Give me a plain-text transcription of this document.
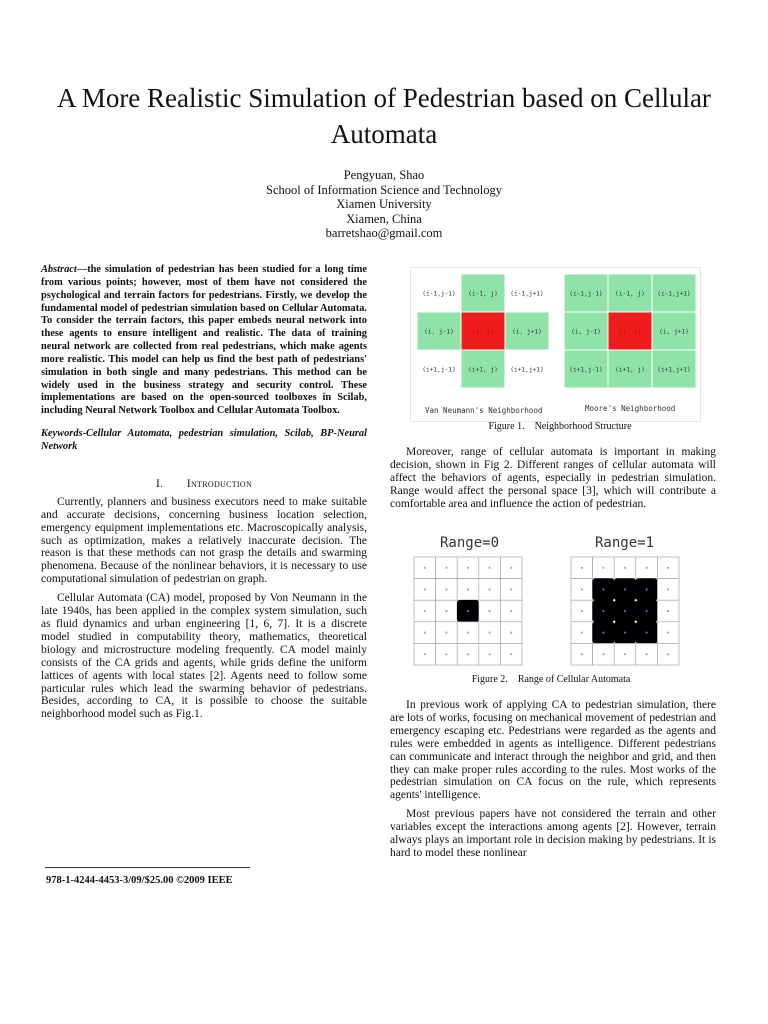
A More Realistic Simulation of Pedestrian based on Cellular Automata
Pengyuan, Shao
School of Information Science and Technology
Xiamen University
Xiamen, China
barretshao@gmail.com

Abstract—the simulation of pedestrian has been studied for a long time from various points; however, most of them have not considered the psychological and terrain factors for pedestrians. Firstly, we develop the fundamental model of pedestrian simulation based on Cellular Automata. To consider the terrain factors, this paper embeds neural network into these agents to ensure intelligent and realistic. The data of training neural network are collected from real pedestrians, which make agents more realistic. This model can help us find the best path of pedestrians' simulation in both single and many pedestrians. This method can be widely used in the business strategy and security control. These implementations are based on the open-sourced toolboxes in Scilab, including Neural Network Toolbox and Cellular Automata Toolbox.

Keywords-Cellular Automata, pedestrian simulation, Scilab, BP-Neural Network

I.  Introduction

Currently, planners and business executors need to make suitable and accurate decisions, concerning business location selection, emergency equipment implementations etc. Macroscopically analysis, such as optimization, makes a relatively inaccurate decision. The reason is that these methods can not grasp the details and swarming phenomena. Because of the nonlinear behaviors, it is necessary to use computational simulation of pedestrian on graph.

Cellular Automata (CA) model, proposed by Von Neumann in the late 1940s, has been applied in the complex system simulation, such as fluid dynamics and urban engineering [1, 6, 7]. It is a discrete model studied in computability theory, mathematics, theoretical biology and microstructure modeling frequently. CA model mainly consists of the CA grids and agents, while grids define the uniform lattices of agents with local states [2]. Agents need to follow some particular rules which lead the swarming behavior of pedestrians. Besides, according to CA, it is possible to choose the suitable neighborhood model such as Fig.1.

978-1-4244-4453-3/09/$25.00 ©2009 IEEE
(i-1,j-1) (i-1, j) (i-1,j+1)
(i, j-1)	(i, j)	(i, j+1)
(i+1,j-1) (i+1, j) (i+1,j+1)
(i-1,j-1) (i-1, j) (i-1,j+1)
(i, j-1)	(i, j)	(i, j+1)
(i+1,j-1) (i+1, j) (i+1,j+1)
Van Neumann's Neighborhood	Moore's Neighborhood
Figure 1. Neighborhood Structure

Moreover, range of cellular automata is important in making decision, shown in Fig 2. Different ranges of cellular automata will affect the behaviors of agents, especially in pedestrian simulation. Range would affect the personal space [3], which will contribute a comfortable area and influence the action of pedestrian.

Range=0	Range=1
Figure 2. Range of Cellular Automata

In previous work of applying CA to pedestrian simulation, there are lots of works, focusing on mechanical movement of pedestrian and emergency escaping etc. Pedestrians were regarded as the agents and rules were embedded in agents as intelligence. Different pedestrians can communicate and interact through the neighbor and grid, and then they can make proper rules according to the rules. Most works of the pedestrian simulation on CA focus on the rule, which represents agents' intelligence.

Most previous papers have not considered the terrain and other variables except the interactions among agents [2]. However, terrain always plays an important role in decision making by pedestrians. It is hard to model these nonlinear
